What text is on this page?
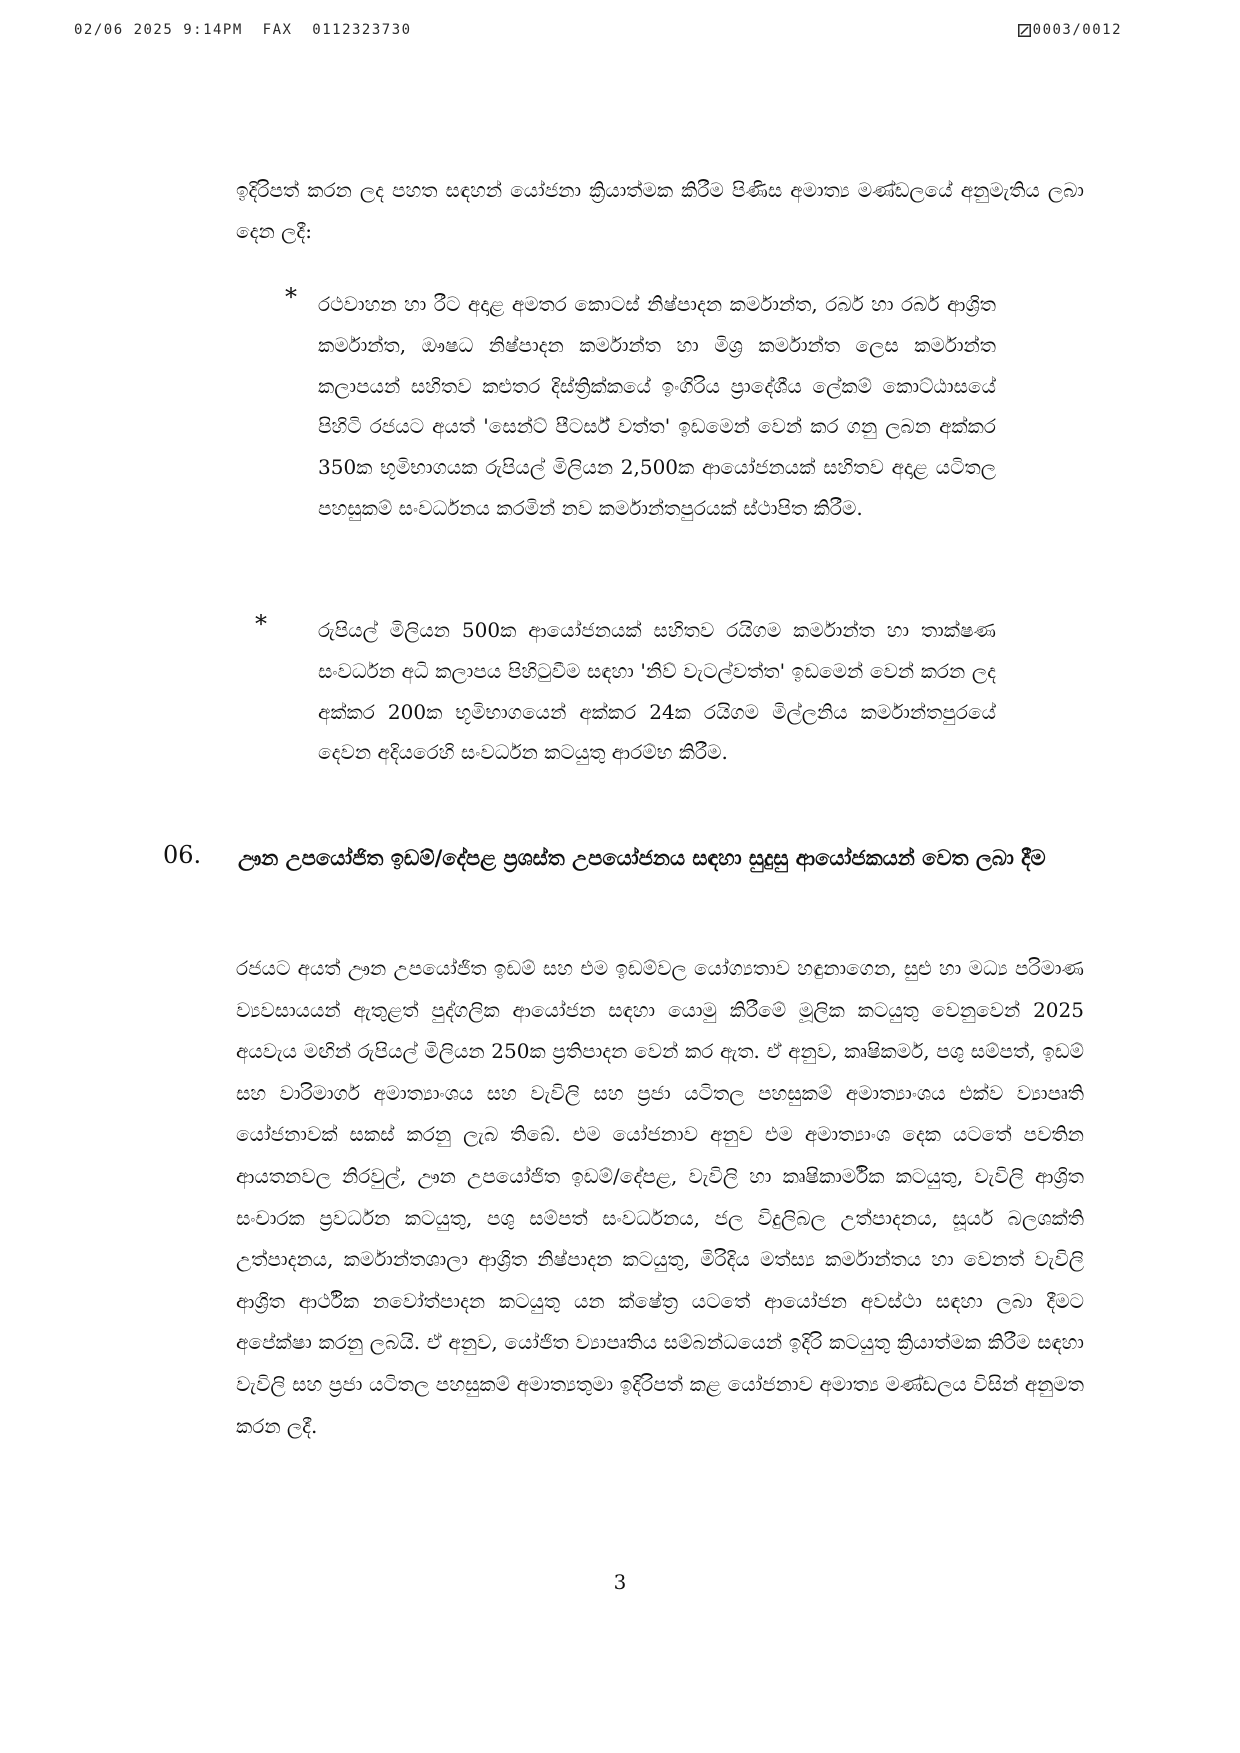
02/06 2025 9:14PM  FAX  0112323730	0003/0012

ඉදිරිපත් කරන ලද පහත සඳහන් යෝජනා ක්‍රියාත්මක කිරීම පිණිස අමාත්‍ය මණ්ඩලයේ අනුමැතිය ලබා දෙන ලදී:

* රථවාහන හා රීට අදාළ අමතර කොටස් නිෂ්පාදන කර්මාන්ත, රබර් හා රබර් ආශ්‍රිත කර්මාන්ත, ඖෂධ නිෂ්පාදන කර්මාන්ත හා මිශ්‍ර කර්මාන්ත ලෙස කර්මාන්ත කලාපයන් සහිතව කළුතර දිස්ත්‍රික්කයේ ඉංගිරිය ප්‍රාදේශීය ලේකම් කොට්ඨාසයේ පිහිටි රජයට අයත් 'සෙන්ට් පීටර්ස් වත්ත' ඉඩමෙන් වෙන් කර ගනු ලබන අක්කර 350ක භූමිභාගයක රුපියල් මිලියන 2,500ක ආයෝජනයක් සහිතව අදාළ යටිතල පහසුකම් සංවර්ධනය කරමින් නව කර්මාන්තපුරයක් ස්ථාපිත කිරීම.

*	රුපියල් මිලියන 500ක ආයෝජනයක් සහිතව රයිගම කර්මාන්ත හා තාක්ෂණ සංවර්ධන අධි කලාපය පිහිටුවීම සඳහා 'නිව් වැටල්වත්ත' ඉඩමෙන් වෙන් කරන ලද අක්කර 200ක භූමිභාගයෙන් අක්කර 24ක රයිගම මිල්ලනිය කර්මාන්තපුරයේ දෙවන අදියරෙහි සංවර්ධන කටයුතු ආරම්භ කිරීම.

06. ඌන උපයෝජිත ඉඩම්/දේපළ ප්‍රශස්ත උපයෝජනය සඳහා සුදුසු ආයෝජකයන් වෙත ලබා දීම

රජයට අයත් ඌන උපයෝජිත ඉඩම් සහ එම ඉඩම්වල යෝග්‍යතාව හඳුනාගෙන, සුළු හා මධ්‍ය පරිමාණ ව්‍යවසායයන් ඇතුළත් පුද්ගලික ආයෝජන සඳහා යොමු කිරීමේ මූලික කටයුතු වෙනුවෙන් 2025 අයවැය මඟින් රුපියල් මිලියන 250ක ප්‍රතිපාදන වෙන් කර ඇත. ඒ අනුව, කෘෂිකර්ම, පශු සම්පත්, ඉඩම් සහ වාරිමාර්ග අමාත්‍යාංශය සහ වැවිලි සහ ප්‍රජා යටිතල පහසුකම් අමාත්‍යාංශය එක්ව ව්‍යාපෘති යෝජනාවක් සකස් කරනු ලැබ තිබේ. එම යෝජනාව අනුව එම අමාත්‍යාංශ දෙක යටතේ පවතින ආයතනවල නිරවුල්, ඌන උපයෝජිත ඉඩම්/දේපළ, වැවිලි හා කෘෂිකාර්මික කටයුතු, වැවිලි ආශ්‍රිත සංචාරක ප්‍රවර්ධන කටයුතු, පශු සම්පත් සංවර්ධනය, ජල විදුලිබල උත්පාදනය, සූර්ය බලශක්ති උත්පාදනය, කර්මාන්තශාලා ආශ්‍රිත නිෂ්පාදන කටයුතු, මිරිදිය මත්ස්‍ය කර්මාන්තය හා වෙනත් වැවිලි ආශ්‍රිත ආර්ථික නවෝත්පාදන කටයුතු යන ක්ෂේත්‍ර යටතේ ආයෝජන අවස්ථා සඳහා ලබා දීමට අපේක්ෂා කරනු ලබයි. ඒ අනුව, යෝජිත ව්‍යාපෘතිය සම්බන්ධයෙන් ඉදිරි කටයුතු ක්‍රියාත්මක කිරීම සඳහා වැවිලි සහ ප්‍රජා යටිතල පහසුකම් අමාත්‍යතුමා ඉදිරිපත් කළ යෝජනාව අමාත්‍ය මණ්ඩලය විසින් අනුමත කරන ලදී.

3
